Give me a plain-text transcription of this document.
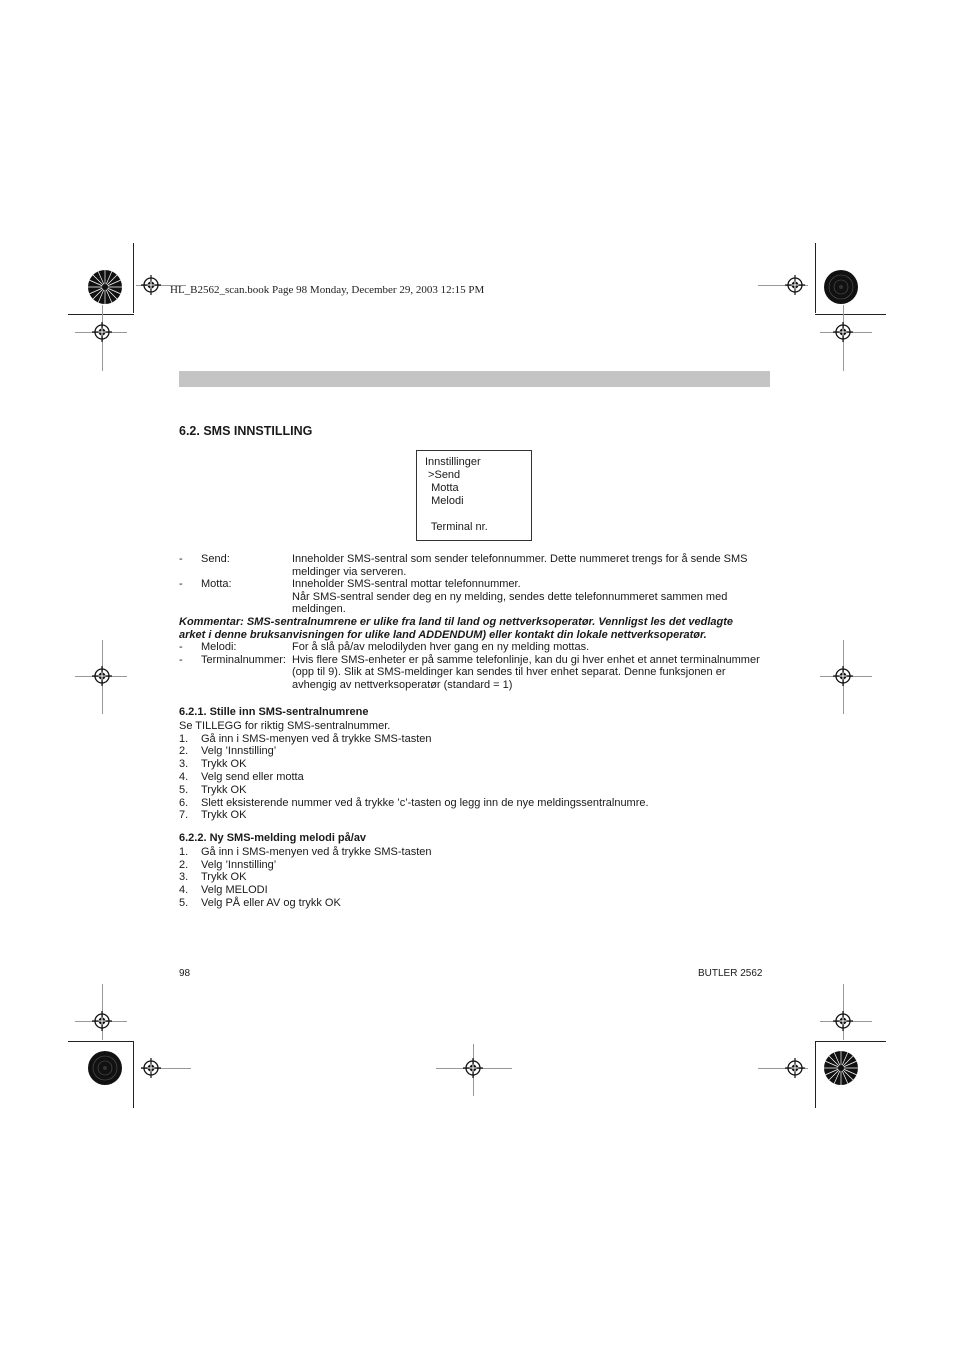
HL_B2562_scan.book Page 98 Monday, December 29, 2003 12:15 PM
6.2. SMS INNSTILLING
Innstillinger
>Send
Motta
Melodi

Terminal nr.
-	Send:	Inneholder SMS-sentral som sender telefonnummer. Dette nummeret trengs for å sende SMS
meldinger via serveren.
-	Motta:	Inneholder SMS-sentral mottar telefonnummer.
Når SMS-sentral sender deg en ny melding, sendes dette telefonnummeret sammen med
meldingen.
Kommentar: SMS-sentralnumrene er ulike fra land til land og nettverksoperatør. Vennligst les det vedlagte
arket i denne bruksanvisningen for ulike land ADDENDUM) eller kontakt din lokale nettverksoperatør.
-	Melodi:	For å slå på/av melodilyden hver gang en ny melding mottas.
-	Terminalnummer: Hvis flere SMS-enheter er på samme telefonlinje, kan du gi hver enhet et annet terminalnummer
(opp til 9). Slik at SMS-meldinger kan sendes til hver enhet separat. Denne funksjonen er
avhengig av nettverksoperatør (standard = 1)
6.2.1. Stille inn SMS-sentralnumrene
Se TILLEGG for riktig SMS-sentralnummer.
1.	Gå inn i SMS-menyen ved å trykke SMS-tasten
2.	Velg ’Innstilling’
3.	Trykk OK
4.	Velg send eller motta
5.	Trykk OK
6.	Slett eksisterende nummer ved å trykke ’c’-tasten og legg inn de nye meldingssentralnumre.
7.	Trykk OK
6.2.2. Ny SMS-melding melodi på/av
1.	Gå inn i SMS-menyen ved å trykke SMS-tasten
2.	Velg ’Innstilling’
3.	Trykk OK
4.	Velg MELODI
5.	Velg PÅ eller AV og trykk OK
98	BUTLER 2562
